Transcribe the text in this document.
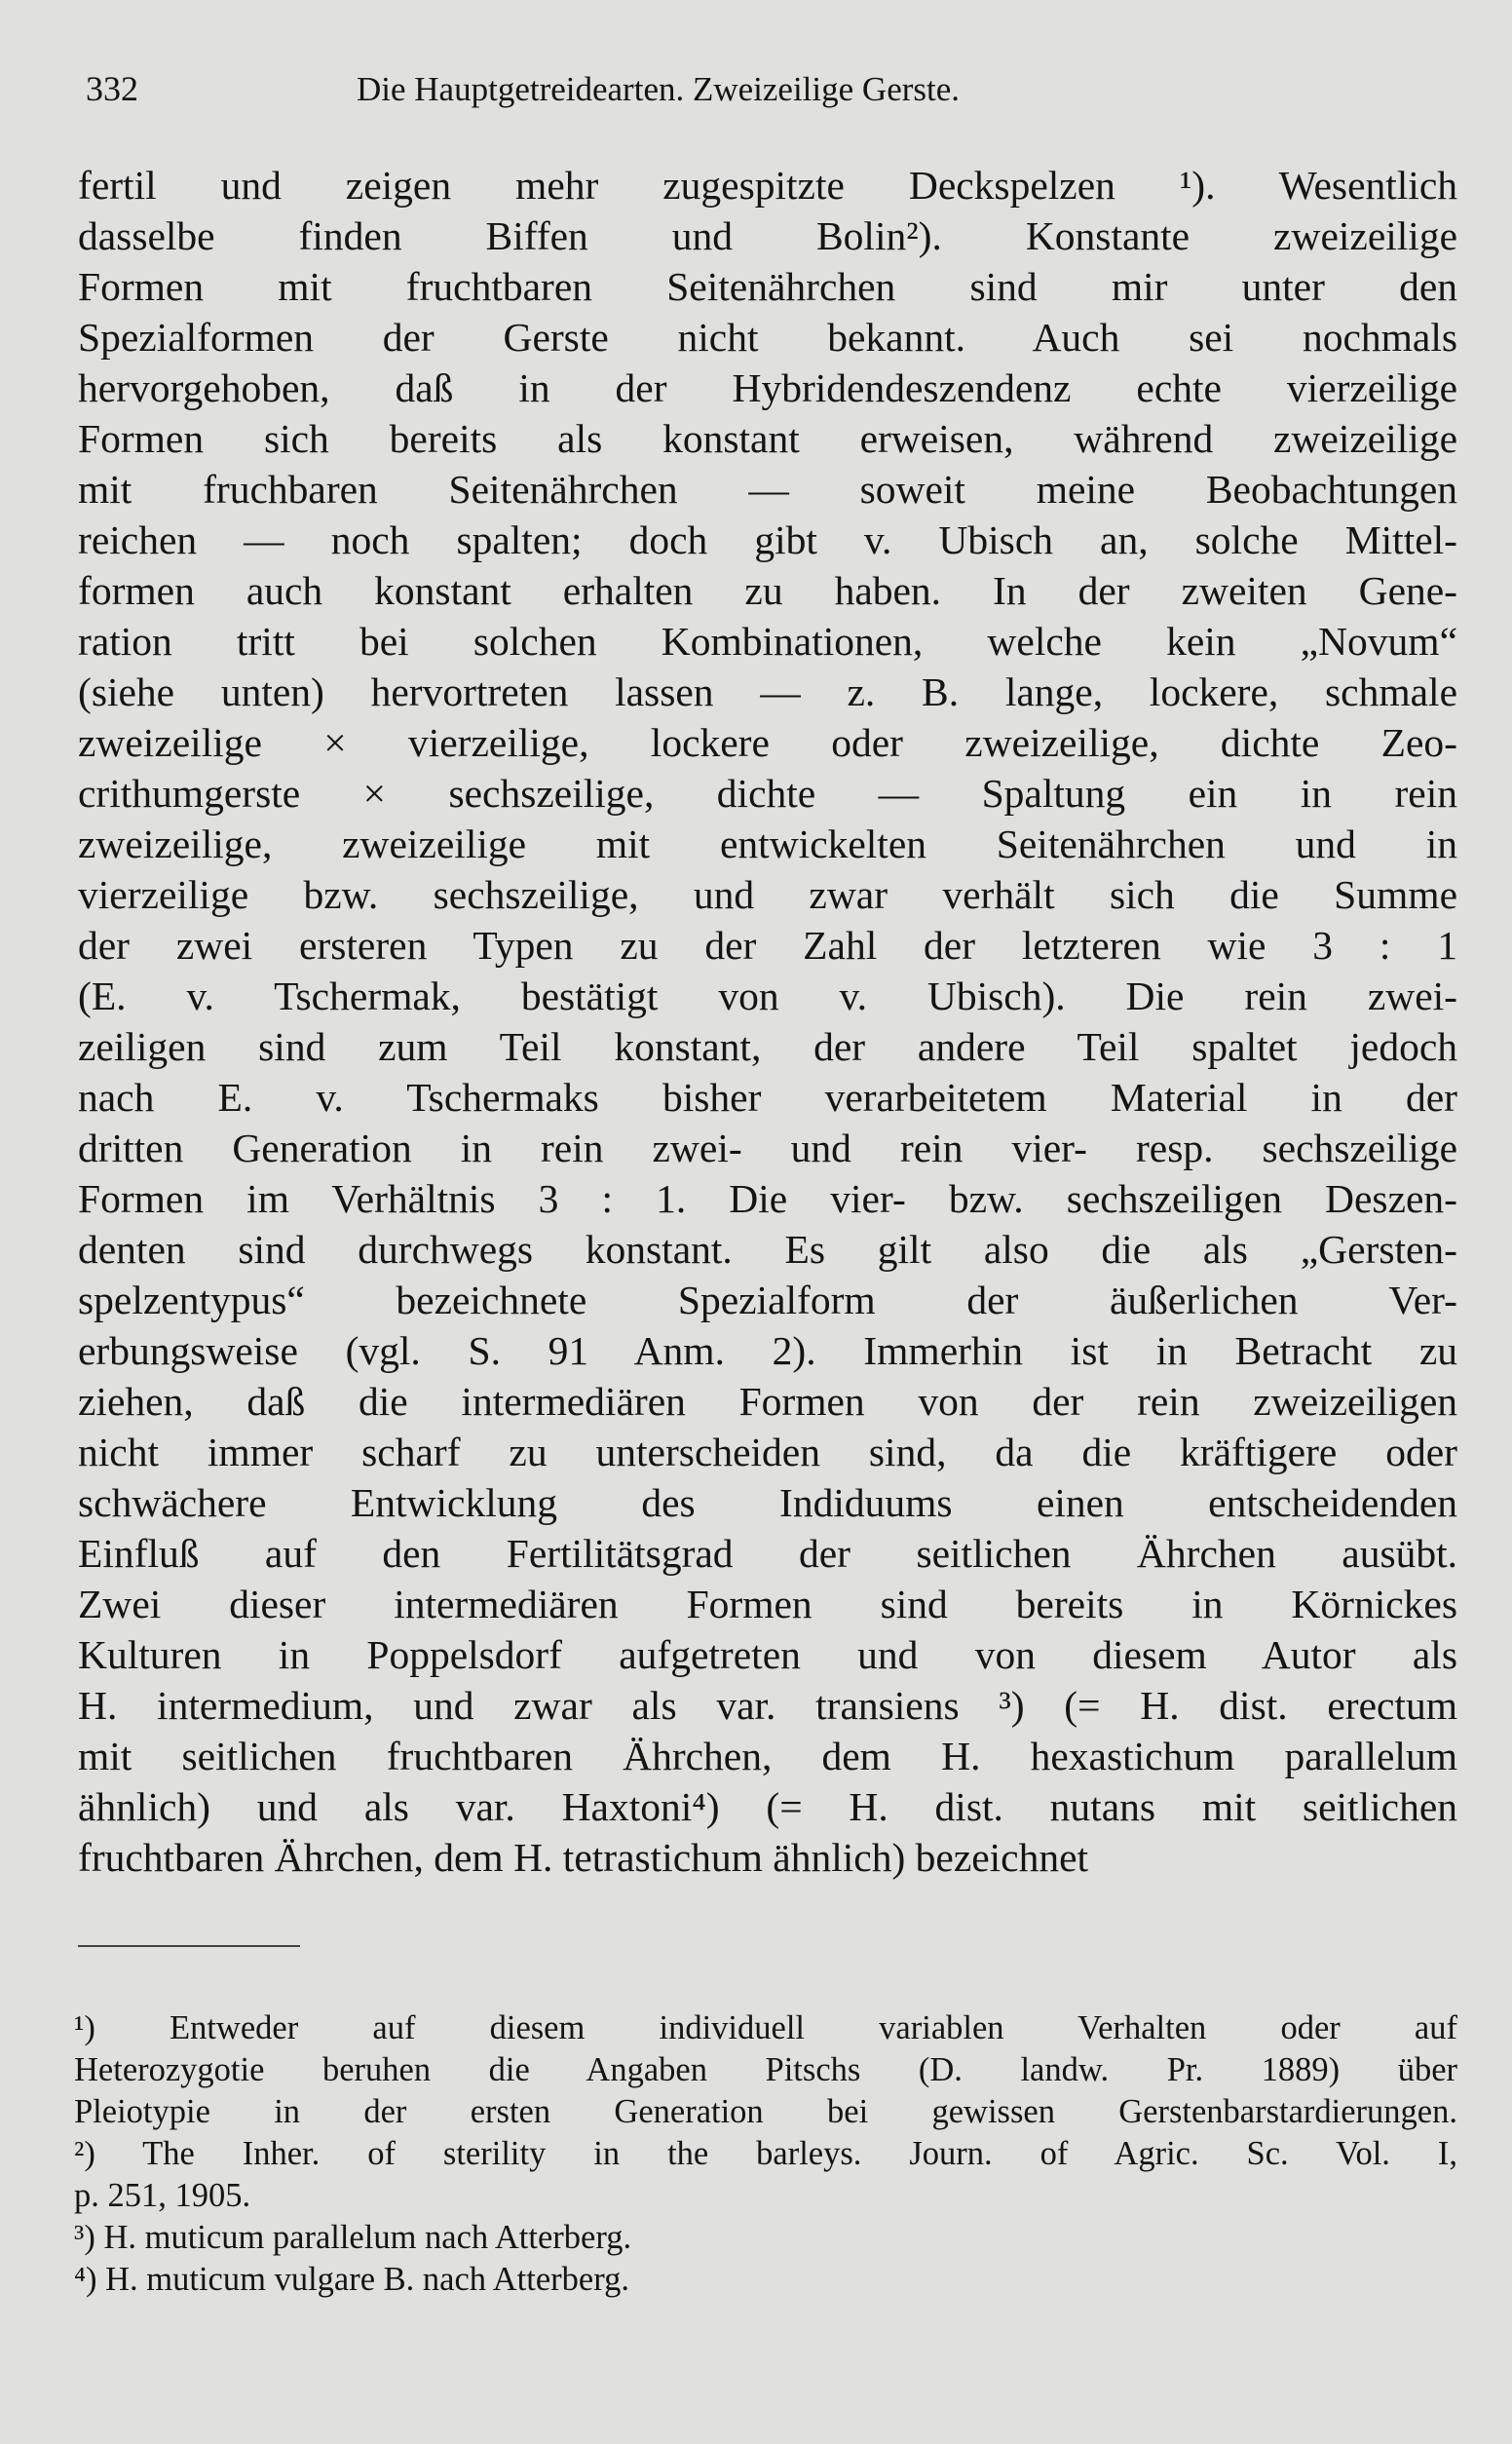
332	Die Hauptgetreidearten. Zweizeilige Gerste.
fertil und zeigen mehr zugespitzte Deckspelzen ¹). Wesentlich
dasselbe finden Biffen und Bolin²). Konstante zweizeilige
Formen mit fruchtbaren Seitenährchen sind mir unter den
Spezialformen der Gerste nicht bekannt. Auch sei nochmals
hervorgehoben, daß in der Hybridendeszendenz echte vierzeilige
Formen sich bereits als konstant erweisen, während zweizeilige
mit fruchbaren Seitenährchen — soweit meine Beobachtungen
reichen — noch spalten; doch gibt v. Ubisch an, solche Mittel-
formen auch konstant erhalten zu haben. In der zweiten Gene-
ration tritt bei solchen Kombinationen, welche kein „Novum“
(siehe unten) hervortreten lassen — z. B. lange, lockere, schmale
zweizeilige × vierzeilige, lockere oder zweizeilige, dichte Zeo-
crithumgerste × sechszeilige, dichte — Spaltung ein in rein
zweizeilige, zweizeilige mit entwickelten Seitenährchen und in
vierzeilige bzw. sechszeilige, und zwar verhält sich die Summe
der zwei ersteren Typen zu der Zahl der letzteren wie 3 : 1
(E. v. Tschermak, bestätigt von v. Ubisch). Die rein zwei-
zeiligen sind zum Teil konstant, der andere Teil spaltet jedoch
nach E. v. Tschermaks bisher verarbeitetem Material in der
dritten Generation in rein zwei- und rein vier- resp. sechszeilige
Formen im Verhältnis 3 : 1. Die vier- bzw. sechszeiligen Deszen-
denten sind durchwegs konstant. Es gilt also die als „Gersten-
spelzentypus“ bezeichnete Spezialform der äußerlichen Ver-
erbungsweise (vgl. S. 91 Anm. 2). Immerhin ist in Betracht zu
ziehen, daß die intermediären Formen von der rein zweizeiligen
nicht immer scharf zu unterscheiden sind, da die kräftigere oder
schwächere Entwicklung des Indiduums einen entscheidenden
Einfluß auf den Fertilitätsgrad der seitlichen Ährchen ausübt.
Zwei dieser intermediären Formen sind bereits in Körnickes
Kulturen in Poppelsdorf aufgetreten und von diesem Autor als
H. intermedium, und zwar als var. transiens ³) (= H. dist. erectum
mit seitlichen fruchtbaren Ährchen, dem H. hexastichum parallelum
ähnlich) und als var. Haxtoni⁴) (= H. dist. nutans mit seitlichen
fruchtbaren Ährchen, dem H. tetrastichum ähnlich) bezeichnet
¹) Entweder auf diesem individuell variablen Verhalten oder auf
Heterozygotie beruhen die Angaben Pitschs (D. landw. Pr. 1889) über
Pleiotypie in der ersten Generation bei gewissen Gerstenbarstardierungen.
²) The Inher. of sterility in the barleys. Journ. of Agric. Sc. Vol. I,
p. 251, 1905.
³) H. muticum parallelum nach Atterberg.
⁴) H. muticum vulgare B. nach Atterberg.
